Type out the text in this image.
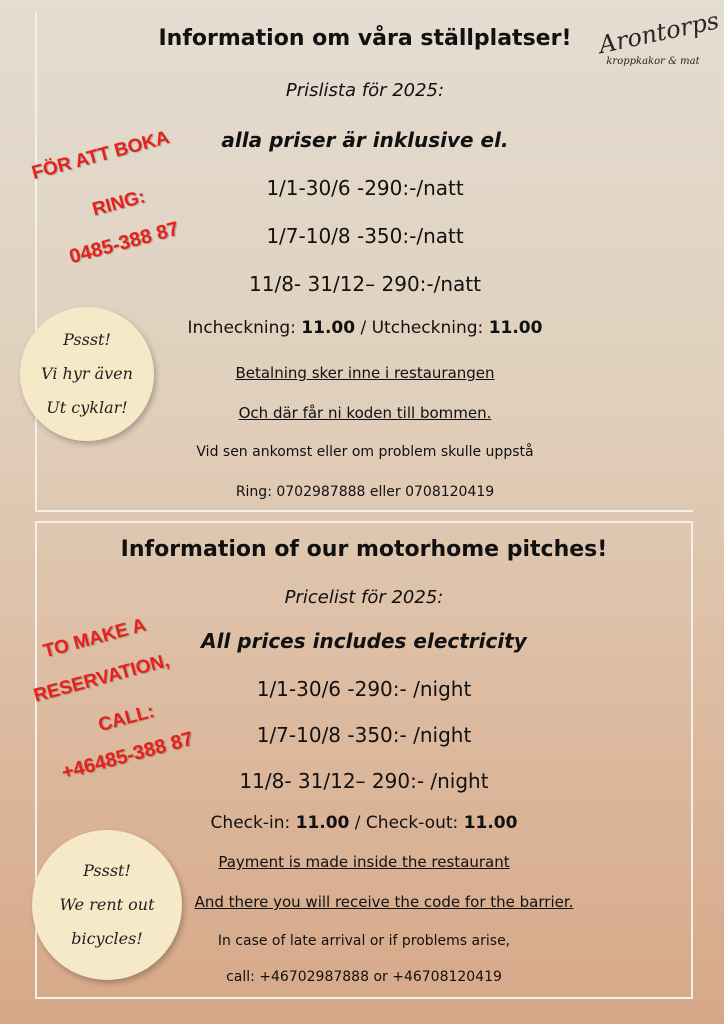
Arontorps
kroppkakor & mat
Information om våra ställplatser!
Prislista för 2025:
alla priser är inklusive el.
1/1-30/6 -290:-/natt
1/7-10/8 -350:-/natt
11/8- 31/12– 290:-/natt
Incheckning: 11.00 / Utcheckning: 11.00
Betalning sker inne i restaurangen
Och där får ni koden till bommen.
Vid sen ankomst eller om problem skulle uppstå
Ring: 0702987888 eller 0708120419
FÖR ATT BOKA
RING:
0485-388 87
Pssst!
Vi hyr även
Ut cyklar!
Information of our motorhome pitches!
Pricelist för 2025:
All prices includes electricity
1/1-30/6 -290:- /night
1/7-10/8 -350:- /night
11/8- 31/12– 290:- /night
Check-in: 11.00 / Check-out: 11.00
Payment is made inside the restaurant
And there you will receive the code for the barrier.
In case of late arrival or if problems arise,
call: +46702987888 or +46708120419
TO MAKE A
RESERVATION,
CALL:
+46485-388 87
Pssst!
We rent out
bicycles!
